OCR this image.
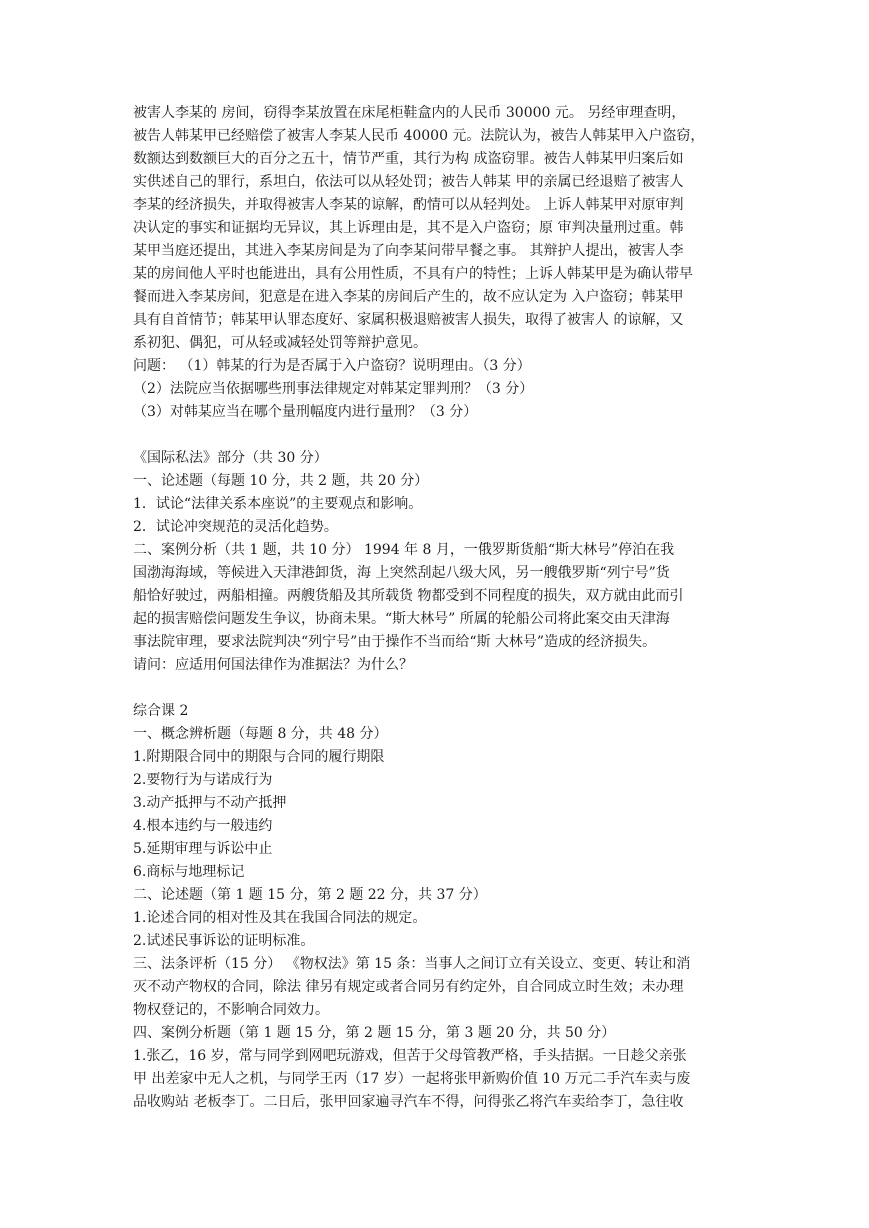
被害人李某的 房间，窃得李某放置在床尾柜鞋盒内的人民币 30000 元。 另经审理查明，
被告人韩某甲已经赔偿了被害人李某人民币 40000 元。法院认为，被告人韩某甲入户盗窃，
数额达到数额巨大的百分之五十，情节严重，其行为构 成盗窃罪。被告人韩某甲归案后如
实供述自己的罪行，系坦白，依法可以从轻处罚；被告人韩某 甲的亲属已经退赔了被害人
李某的经济损失，并取得被害人李某的谅解，酌情可以从轻判处。 上诉人韩某甲对原审判
决认定的事实和证据均无异议，其上诉理由是，其不是入户盗窃；原 审判决量刑过重。韩
某甲当庭还提出，其进入李某房间是为了向李某问带早餐之事。 其辩护人提出，被害人李
某的房间他人平时也能进出，具有公用性质，不具有户的特性；上诉人韩某甲是为确认带早
餐而进入李某房间，犯意是在进入李某的房间后产生的，故不应认定为 入户盗窃；韩某甲
具有自首情节；韩某甲认罪态度好、家属积极退赔被害人损失，取得了被害人 的谅解，又
系初犯、偶犯，可从轻或减轻处罚等辩护意见。
问题： （1）韩某的行为是否属于入户盗窃？说明理由。（3 分）
（2）法院应当依据哪些刑事法律规定对韩某定罪判刑？（3 分）
（3）对韩某应当在哪个量刑幅度内进行量刑？（3 分）
《国际私法》部分（共 30 分）
一、论述题（每题 10 分，共 2 题，共 20 分）
1．试论“法律关系本座说”的主要观点和影响。
2．试论冲突规范的灵活化趋势。
二、案例分析（共 1 题，共 10 分） 1994 年 8 月，一俄罗斯货船“斯大林号”停泊在我
国渤海海域，等候进入天津港卸货，海 上突然刮起八级大风，另一艘俄罗斯“列宁号”货
船恰好驶过，两船相撞。两艘货船及其所载货 物都受到不同程度的损失，双方就由此而引
起的损害赔偿问题发生争议，协商未果。“斯大林号” 所属的轮船公司将此案交由天津海
事法院审理，要求法院判决“列宁号”由于操作不当而给“斯 大林号”造成的经济损失。
请问：应适用何国法律作为准据法？为什么？
综合课 2
一、概念辨析题（每题 8 分，共 48 分）
1.附期限合同中的期限与合同的履行期限
2.要物行为与诺成行为
3.动产抵押与不动产抵押
4.根本违约与一般违约
5.延期审理与诉讼中止
6.商标与地理标记
二、论述题（第 1 题 15 分，第 2 题 22 分，共 37 分）
1.论述合同的相对性及其在我国合同法的规定。
2.试述民事诉讼的证明标准。
三、法条评析（15 分） 《物权法》第 15 条：当事人之间订立有关设立、变更、转让和消
灭不动产物权的合同，除法 律另有规定或者合同另有约定外，自合同成立时生效；未办理
物权登记的，不影响合同效力。
四、案例分析题（第 1 题 15 分，第 2 题 15 分，第 3 题 20 分，共 50 分）
1.张乙，16 岁，常与同学到网吧玩游戏，但苦于父母管教严格，手头拮据。一日趁父亲张
甲 出差家中无人之机，与同学王丙（17 岁）一起将张甲新购价值 10 万元二手汽车卖与废
品收购站 老板李丁。二日后，张甲回家遍寻汽车不得，问得张乙将汽车卖给李丁，急往收
